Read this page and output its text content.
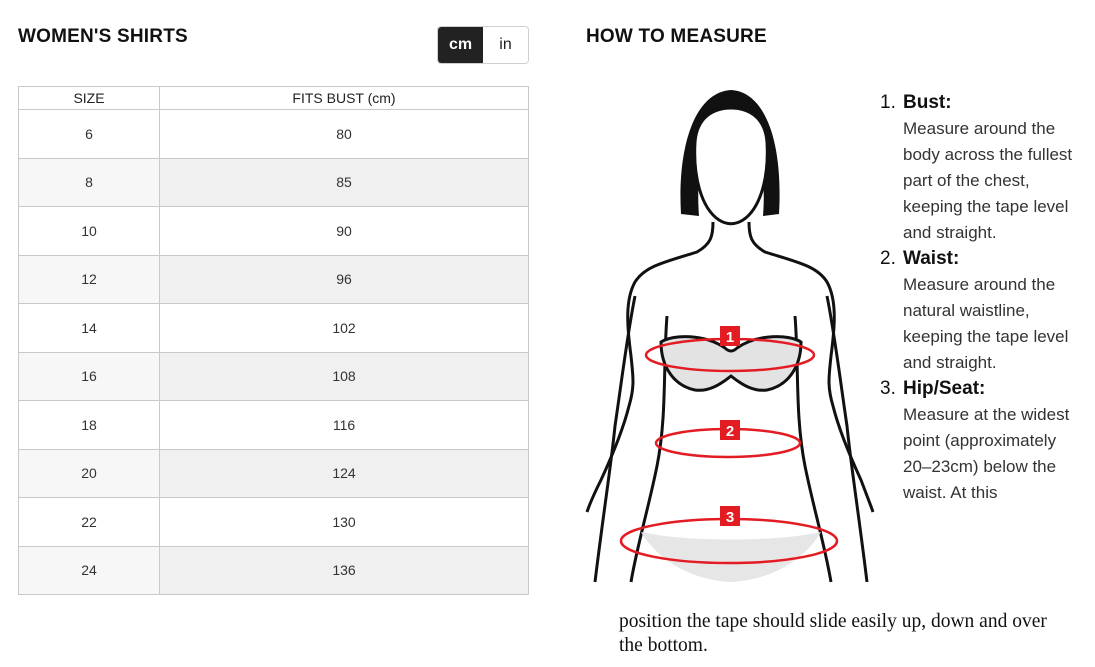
WOMEN'S SHIRTS	cm	in
SIZE	FITS BUST (cm)
6	80
8	85
10	90
12	96
14	102
16	108
18	116
20	124
22	130
24	136
HOW TO MEASURE
1
2
3
1. Bust:
Measure around the body across the fullest part of the chest, keeping the tape level and straight.
2. Waist:
Measure around the natural waistline, keeping the tape level and straight.
3. Hip/Seat:
Measure at the widest point (approximately 20–23cm) below the waist. At this
position the tape should slide easily up, down and over the bottom.
